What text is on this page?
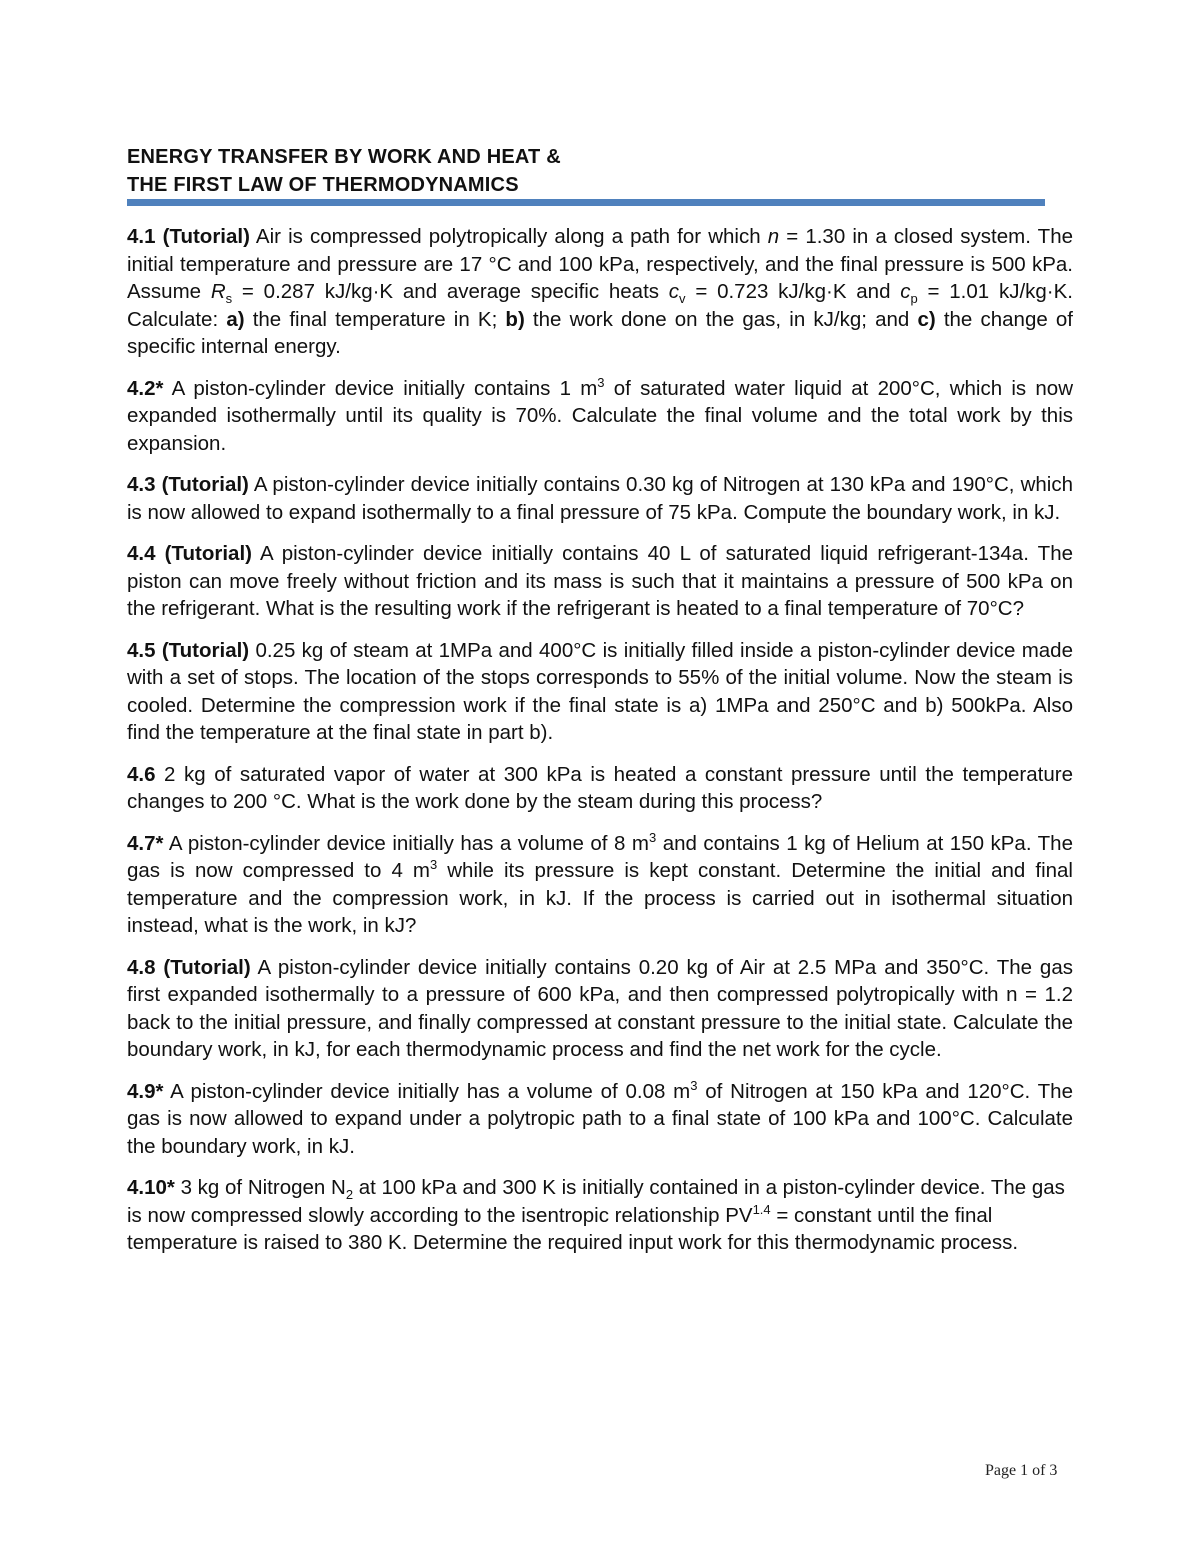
ENERGY TRANSFER BY WORK AND HEAT &
THE FIRST LAW OF THERMODYNAMICS

4.1 (Tutorial) Air is compressed polytropically along a path for which n = 1.30 in a closed system. The initial temperature and pressure are 17 °C and 100 kPa, respectively, and the final pressure is 500 kPa. Assume $R_s = 0.287$ kJ/kg·K and average specific heats $c_v = 0.723$ kJ/kg·K and $c_p = 1.01$ kJ/kg·K. Calculate: a) the final temperature in K; b) the work done on the gas, in kJ/kg; and c) the change of specific internal energy.

4.2* A piston-cylinder device initially contains 1 $m^3$ of saturated water liquid at 200°C, which is now expanded isothermally until its quality is 70%. Calculate the final volume and the total work by this expansion.

4.3 (Tutorial) A piston-cylinder device initially contains 0.30 kg of Nitrogen at 130 kPa and 190°C, which is now allowed to expand isothermally to a final pressure of 75 kPa. Compute the boundary work, in kJ.

4.4 (Tutorial) A piston-cylinder device initially contains 40 L of saturated liquid refrigerant-134a. The piston can move freely without friction and its mass is such that it maintains a pressure of 500 kPa on the refrigerant. What is the resulting work if the refrigerant is heated to a final temperature of 70°C?

4.5 (Tutorial) 0.25 kg of steam at 1MPa and 400°C is initially filled inside a piston-cylinder device made with a set of stops. The location of the stops corresponds to 55% of the initial volume. Now the steam is cooled. Determine the compression work if the final state is a) 1MPa and 250°C and b) 500kPa. Also find the temperature at the final state in part b).

4.6 2 kg of saturated vapor of water at 300 kPa is heated a constant pressure until the temperature changes to 200 °C. What is the work done by the steam during this process?

4.7* A piston-cylinder device initially has a volume of 8 $m^3$ and contains 1 kg of Helium at 150 kPa. The gas is now compressed to 4 $m^3$ while its pressure is kept constant. Determine the initial and final temperature and the compression work, in kJ. If the process is carried out in isothermal situation instead, what is the work, in kJ?

4.8 (Tutorial) A piston-cylinder device initially contains 0.20 kg of Air at 2.5 MPa and 350°C. The gas first expanded isothermally to a pressure of 600 kPa, and then compressed polytropically with n = 1.2 back to the initial pressure, and finally compressed at constant pressure to the initial state. Calculate the boundary work, in kJ, for each thermodynamic process and find the net work for the cycle.

4.9* A piston-cylinder device initially has a volume of 0.08 $m^3$ of Nitrogen at 150 kPa and 120°C. The gas is now allowed to expand under a polytropic path to a final state of 100 kPa and 100°C. Calculate the boundary work, in kJ.

4.10* 3 kg of Nitrogen $N_2$ at 100 kPa and 300 K is initially contained in a piston-cylinder device. The gas is now compressed slowly according to the isentropic relationship $PV^{1.4}$ = constant until the final temperature is raised to 380 K. Determine the required input work for this thermodynamic process.

Page 1 of 3
